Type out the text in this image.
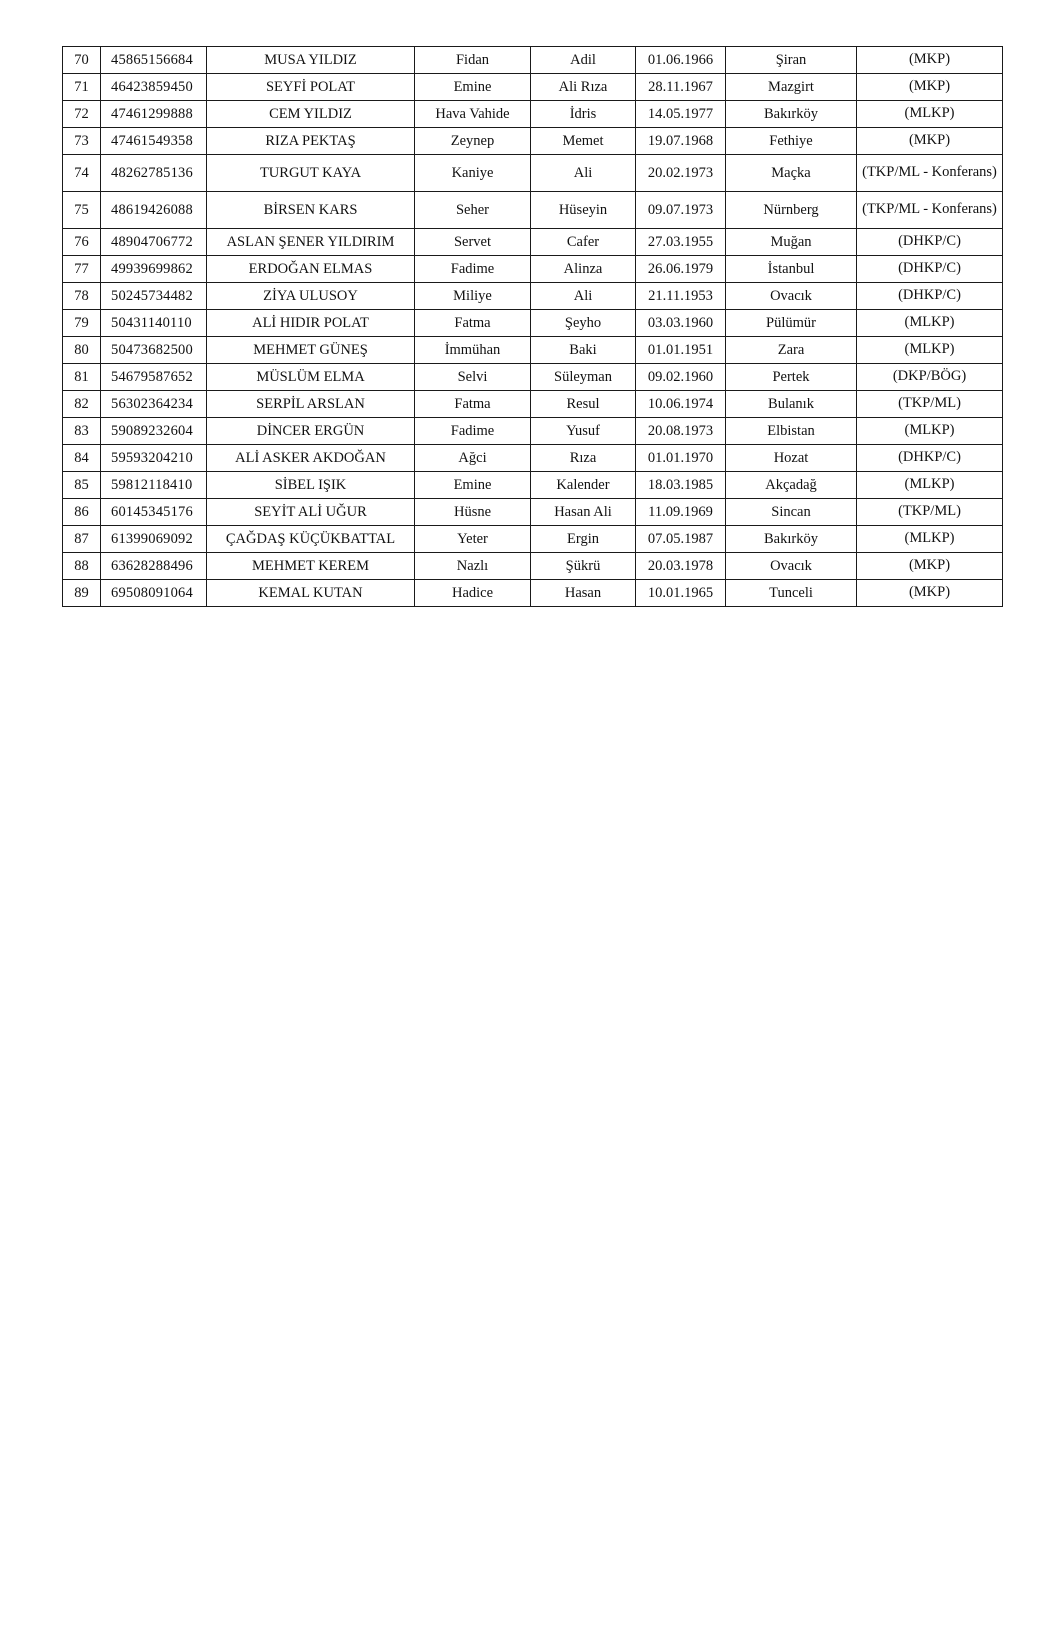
70	45865156684	MUSA YILDIZ	Fidan	Adil	01.06.1966	Şiran	(MKP)
71	46423859450	SEYFİ POLAT	Emine	Ali Rıza	28.11.1967	Mazgirt	(MKP)
72	47461299888	CEM YILDIZ	Hava Vahide	İdris	14.05.1977	Bakırköy	(MLKP)
73	47461549358	RIZA PEKTAŞ	Zeynep	Memet	19.07.1968	Fethiye	(MKP)
74	48262785136	TURGUT KAYA	Kaniye	Ali	20.02.1973	Maçka	(TKP/ML - Konferans)
75	48619426088	BİRSEN KARS	Seher	Hüseyin	09.07.1973	Nürnberg	(TKP/ML - Konferans)
76	48904706772	ASLAN ŞENER YILDIRIM	Servet	Cafer	27.03.1955	Muğan	(DHKP/C)
77	49939699862	ERDOĞAN ELMAS	Fadime	Alinza	26.06.1979	İstanbul	(DHKP/C)
78	50245734482	ZİYA ULUSOY	Miliye	Ali	21.11.1953	Ovacık	(DHKP/C)
79	50431140110	ALİ HIDIR POLAT	Fatma	Şeyho	03.03.1960	Pülümür	(MLKP)
80	50473682500	MEHMET GÜNEŞ	İmmühan	Baki	01.01.1951	Zara	(MLKP)
81	54679587652	MÜSLÜM ELMA	Selvi	Süleyman	09.02.1960	Pertek	(DKP/BÖG)
82	56302364234	SERPİL ARSLAN	Fatma	Resul	10.06.1974	Bulanık	(TKP/ML)
83	59089232604	DİNCER ERGÜN	Fadime	Yusuf	20.08.1973	Elbistan	(MLKP)
84	59593204210	ALİ ASKER AKDOĞAN	Ağci	Rıza	01.01.1970	Hozat	(DHKP/C)
85	59812118410	SİBEL IŞIK	Emine	Kalender	18.03.1985	Akçadağ	(MLKP)
86	60145345176	SEYİT ALİ UĞUR	Hüsne	Hasan Ali	11.09.1969	Sincan	(TKP/ML)
87	61399069092	ÇAĞDAŞ KÜÇÜKBATTAL	Yeter	Ergin	07.05.1987	Bakırköy	(MLKP)
88	63628288496	MEHMET KEREM	Nazlı	Şükrü	20.03.1978	Ovacık	(MKP)
89	69508091064	KEMAL KUTAN	Hadice	Hasan	10.01.1965	Tunceli	(MKP)
